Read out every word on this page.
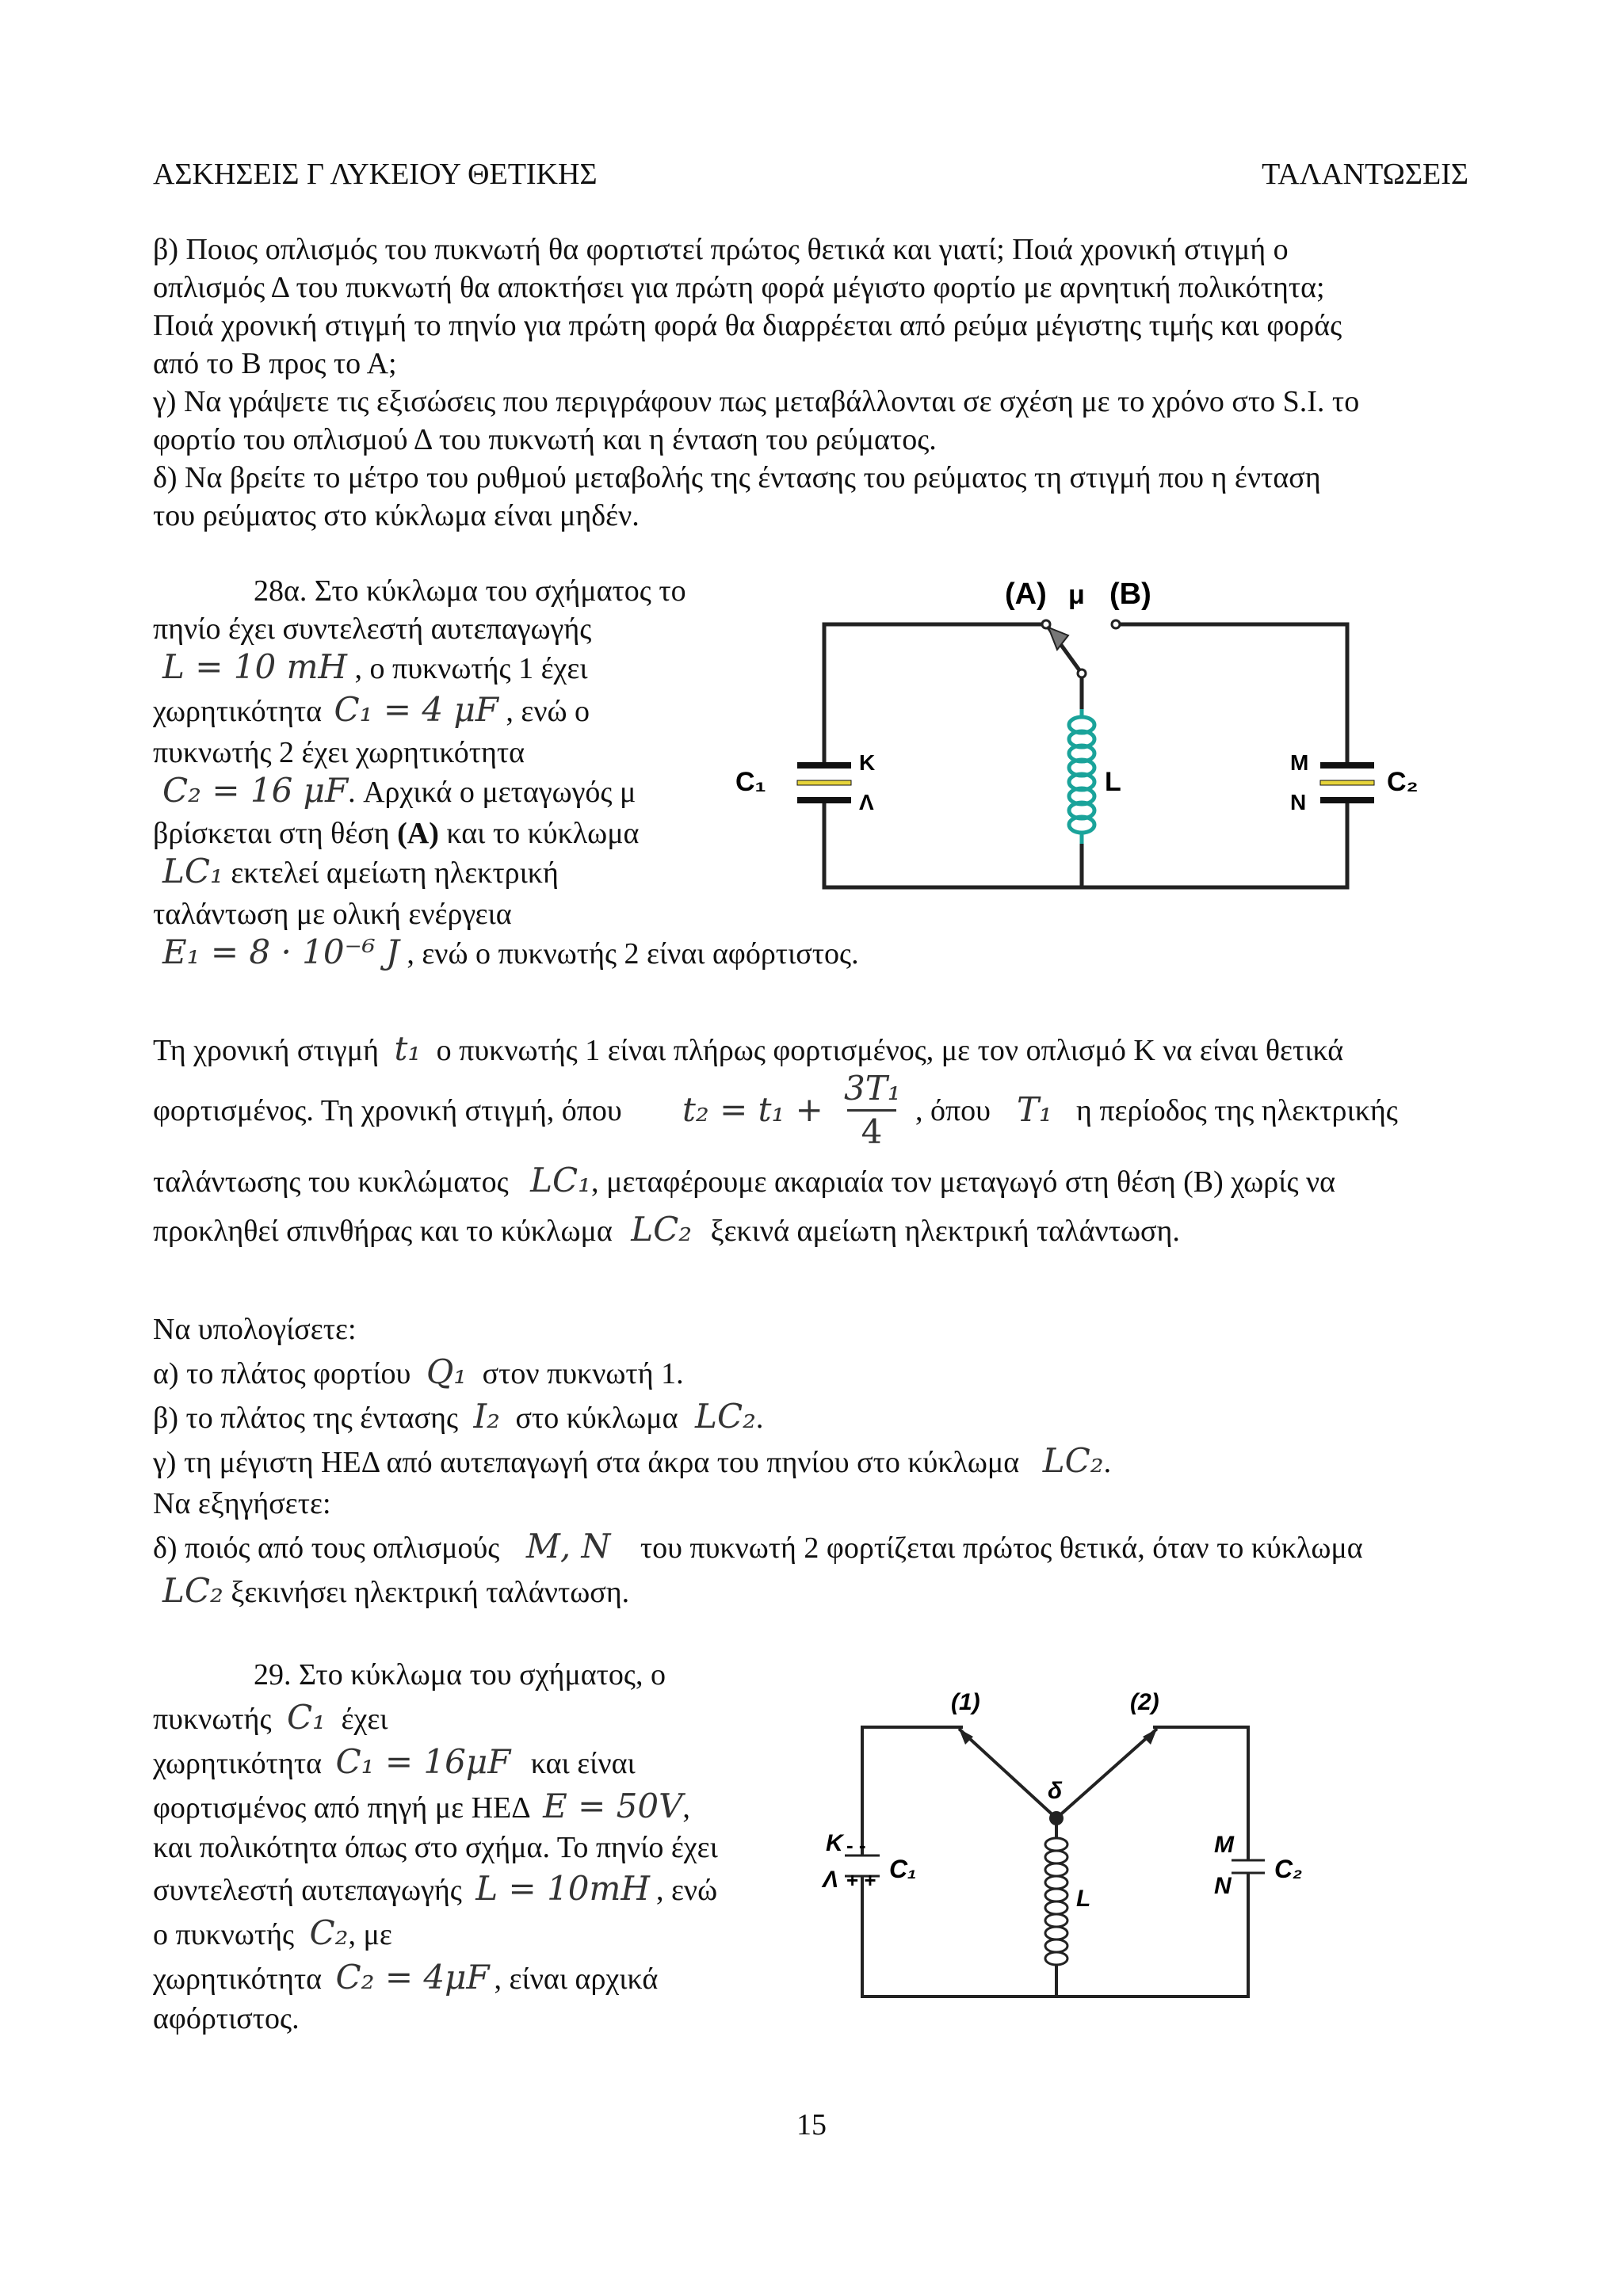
ΑΣΚΗΣΕΙΣ Γ ΛΥΚΕΙΟΥ ΘΕΤΙΚΗΣ	ΤΑΛΑΝΤΩΣΕΙΣ
β) Ποιος οπλισμός του πυκνωτή θα φορτιστεί πρώτος θετικά και γιατί; Ποιά χρονική στιγμή ο
οπλισμός Δ του πυκνωτή θα αποκτήσει για πρώτη φορά μέγιστο φορτίο με αρνητική πολικότητα;
Ποιά χρονική στιγμή το πηνίο για πρώτη φορά θα διαρρέεται από ρεύμα μέγιστης τιμής και φοράς
από το Β προς το Α;
γ) Να γράψετε τις εξισώσεις που περιγράφουν πως μεταβάλλονται σε σχέση με το χρόνο στο S.I. το
φορτίο του οπλισμού Δ του πυκνωτή και η ένταση του ρεύματος.
δ) Να βρείτε το μέτρο του ρυθμού μεταβολής της έντασης του ρεύματος τη στιγμή που η ένταση
του ρεύματος στο κύκλωμα είναι μηδέν.
28α. Στο κύκλωμα του σχήματος το
πηνίο έχει συντελεστή αυτεπαγωγής
L = 10 mH , ο πυκνωτής 1 έχει
χωρητικότητα C₁ = 4 μF , ενώ ο
πυκνωτής 2 έχει χωρητικότητα
C₂ = 16 μF. Αρχικά ο μεταγωγός μ
βρίσκεται στη θέση (Α) και το κύκλωμα
LC₁ εκτελεί αμείωτη ηλεκτρική
ταλάντωση με ολική ενέργεια
E₁ = 8 · 10⁻⁶ J , ενώ ο πυκνωτής 2 είναι αφόρτιστος.
(A) μ (B)
C₁
K
Λ
L
M
N
C₂
Τη χρονική στιγμή t₁ ο πυκνωτής 1 είναι πλήρως φορτισμένος, με τον οπλισμό Κ να είναι θετικά
φορτισμένος. Τη χρονική στιγμή, όπου t₂ = t₁ +
3T₁
4
, όπου T₁ η περίοδος της ηλεκτρικής
ταλάντωσης του κυκλώματος LC₁, μεταφέρουμε ακαριαία τον μεταγωγό στη θέση (Β) χωρίς να
προκληθεί σπινθήρας και το κύκλωμα LC₂ ξεκινά αμείωτη ηλεκτρική ταλάντωση.
Να υπολογίσετε:
α) το πλάτος φορτίου Q₁ στον πυκνωτή 1.
β) το πλάτος της έντασης I₂ στο κύκλωμα LC₂.
γ) τη μέγιστη ΗΕΔ από αυτεπαγωγή στα άκρα του πηνίου στο κύκλωμα LC₂.
Να εξηγήσετε:
δ) ποιός από τους οπλισμούς M, N του πυκνωτή 2 φορτίζεται πρώτος θετικά, όταν το κύκλωμα
LC₂ ξεκινήσει ηλεκτρική ταλάντωση.
29. Στο κύκλωμα του σχήματος, ο
πυκνωτής C₁ έχει
χωρητικότητα C₁ = 16μF και είναι
φορτισμένος από πηγή με ΗΕΔ E = 50V,
και πολικότητα όπως στο σχήμα. Το πηνίο έχει
συντελεστή αυτεπαγωγής L = 10mH , ενώ
ο πυκνωτής C₂, με
χωρητικότητα C₂ = 4μF , είναι αρχικά
αφόρτιστος.
(1)	(2)
δ
K
Λ
- -
+ + C₁
L
M
N
C₂
15
